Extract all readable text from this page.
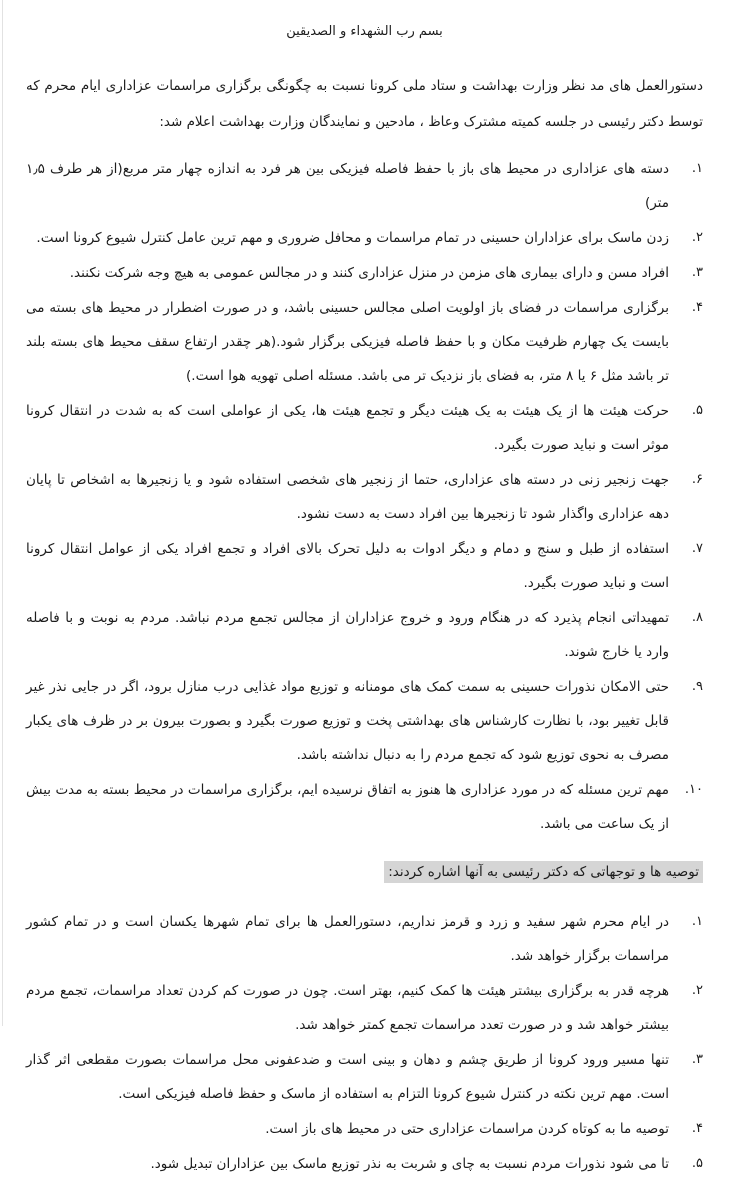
بسم رب الشهداء و الصدیقین

دستورالعمل های مد نظر وزارت بهداشت و ستاد ملی کرونا نسبت به چگونگی برگزاری مراسمات عزاداری ایام محرم که توسط دکتر رئیسی در جلسه کمیته مشترک وعاظ ، مادحین و نمایندگان وزارت بهداشت اعلام شد:

۱.
دسته های عزاداری در محیط های باز با حفظ فاصله فیزیکی بین هر فرد به اندازه چهار متر مربع(از هر طرف ۱٫۵ متر)
۲.
زدن ماسک برای عزاداران حسینی در تمام مراسمات و محافل ضروری و مهم ترین عامل کنترل شیوع کرونا است.
۳.
افراد مسن و دارای بیماری های مزمن در منزل عزاداری کنند و در مجالس عمومی به هیچ وجه شرکت نکنند.
۴.
برگزاری مراسمات در فضای باز اولویت اصلی مجالس حسینی باشد، و در صورت اضطرار در محیط های بسته می بایست یک چهارم ظرفیت مکان و با حفظ فاصله فیزیکی برگزار شود.(هر چقدر ارتفاع سقف محیط های بسته بلند تر باشد مثل ۶ یا ۸ متر، به فضای باز نزدیک تر می باشد. مسئله اصلی تهویه هوا است.)
۵.
حرکت هیئت ها از یک هیئت به یک هیئت دیگر و تجمع هیئت ها، یکی از عواملی است که به شدت در انتقال کرونا موثر است و نباید صورت بگیرد.
۶.
جهت زنجیر زنی در دسته های عزاداری، حتما از زنجیر های شخصی استفاده شود و یا زنجیرها به اشخاص تا پایان دهه عزاداری واگذار شود تا زنجیرها بین افراد دست به دست نشود.
۷.
استفاده از طبل و سنج و دمام و دیگر ادوات به دلیل تحرک بالای افراد و تجمع افراد یکی از عوامل انتقال کرونا است و نباید صورت بگیرد.
۸.
تمهیداتی انجام پذیرد که در هنگام ورود و خروج عزاداران از مجالس تجمع مردم نباشد. مردم به نوبت و با فاصله وارد یا خارج شوند.
۹.
حتی الامکان نذورات حسینی به سمت کمک های مومنانه و توزیع مواد غذایی درب منازل برود، اگر در جایی نذر غیر قابل تغییر بود، با نظارت کارشناس های بهداشتی پخت و توزیع صورت بگیرد و بصورت بیرون بر در ظرف های یکبار مصرف به نحوی توزیع شود که تجمع مردم را به دنبال نداشته باشد.
۱۰.
مهم ترین مسئله که در مورد عزاداری ها هنوز به اتفاق نرسیده ایم، برگزاری مراسمات در محیط بسته به مدت بیش از یک ساعت می باشد.

توصیه ها و توجهاتی که دکتر رئیسی به آنها اشاره کردند:

۱.
در ایام محرم شهر سفید و زرد و قرمز نداریم، دستورالعمل ها برای تمام شهرها یکسان است و در تمام کشور مراسمات برگزار خواهد شد.
۲.
هرچه قدر به برگزاری بیشتر هیئت ها کمک کنیم، بهتر است. چون در صورت کم کردن تعداد مراسمات، تجمع مردم بیشتر خواهد شد و در صورت تعدد مراسمات تجمع کمتر خواهد شد.
۳.
تنها مسیر ورود کرونا از طریق چشم و دهان و بینی است و ضدعفونی محل مراسمات بصورت مقطعی اثر گذار است. مهم ترین نکته در کنترل شیوع کرونا التزام به استفاده از ماسک و حفظ فاصله فیزیکی است.
۴.
توصیه ما به کوتاه کردن مراسمات عزاداری حتی در محیط های باز است.
۵.
تا می شود نذورات مردم نسبت به چای و شربت به نذر توزیع ماسک بین عزاداران تبدیل شود.
